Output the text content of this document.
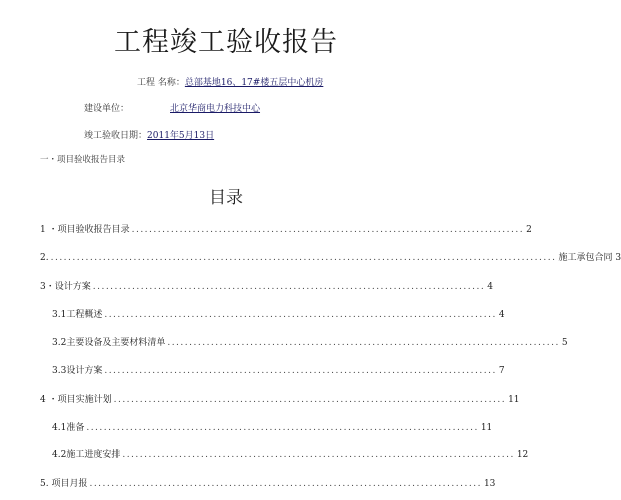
工程竣工验收报告
工程 名称：总部基地16、17#楼五层中心机房
建设单位：	北京华商电力科技中心
竣工验收日期：2011年5月13日
一・项目验收报告目录
目录
1 ・项目验收报告目录 .......................................................................................... 2
2. .................................................................................................................... 施工承包合同 3
3・设计方案 .......................................................................................... 4
3.1工程概述 .......................................................................................... 4
3.2主要设备及主要材料清单 .......................................................................................... 5
3.3设计方案 .......................................................................................... 7
4 ・项目实施计划 .......................................................................................... 11
4.1准备 .......................................................................................... 11
4.2施工进度安排 .......................................................................................... 12
5. 项目月报 .......................................................................................... 13
